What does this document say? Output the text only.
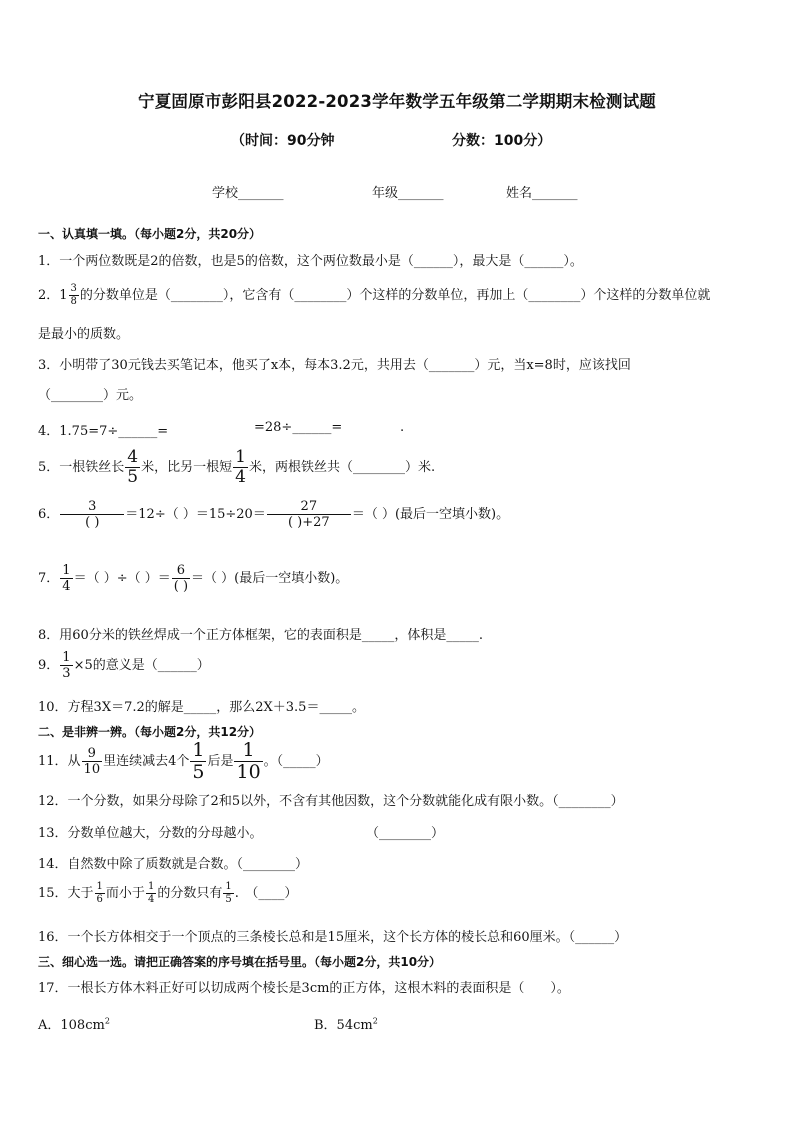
宁夏固原市彭阳县2022-2023学年数学五年级第二学期期末检测试题
（时间：90分钟	分数：100分）
学校_______	年级_______	姓名_______
一、认真填一填。（每小题2分，共20分）
1．一个两位数既是2的倍数，也是5的倍数，这个两位数最小是（______），最大是（______）。
2．$1 \frac{3}{8}$ 的分数单位是（________），它含有（________）个这样的分数单位，再加上（________）个这样的分数单位就
是最小的质数。
3．小明带了30元钱去买笔记本，他买了x本，每本3.2元，共用去（_______）元，当x=8时，应该找回
（________）元。
4．1.75=7÷______=	=28÷______=	.
5．一根铁丝长 $\frac{4}{5}$ 米，比另一根短 $\frac{1}{4}$ 米，两根铁丝共（________）米.
6． $\frac{3}{( )} =12\div$（ ）$=15\div 20= \frac{27}{( )+27}$ ＝（ ）(最后一空填小数)。
7． $\frac{1}{4}$ ＝（ ）÷（ ）＝ $\frac{6}{( )}$ ＝（ ）(最后一空填小数)。
8．用60分米的铁丝焊成一个正方体框架，它的表面积是_____，体积是_____.
9． $\frac{1}{3} \times 5$的意义是（______）
10．方程3X＝7.2的解是_____，那么2X＋3.5＝_____。
二、是非辨一辨。（每小题2分，共12分）
11．从 $\frac{9}{10}$ 里连续减去4个 $\frac{1}{5}$ 后是 $\frac{1}{10}$ 。（_____）
12．一个分数，如果分母除了2和5以外，不含有其他因数，这个分数就能化成有限小数。（________）
13．分数单位越大，分数的分母越小。	（________）
14．自然数中除了质数就是合数。（________）
15．大于 $\frac{1}{6}$ 而小于 $\frac{1}{4}$ 的分数只有 $\frac{1}{5}$ .　（____）
16．一个长方体相交于一个顶点的三条棱长总和是15厘米，这个长方体的棱长总和60厘米。（______）
三、细心选一选。请把正确答案的序号填在括号里。（每小题2分，共10分）
17．一根长方体木料正好可以切成两个棱长是3cm的正方体，这根木料的表面积是（　　）。
A．$108cm^2$	B．$54cm^2$
